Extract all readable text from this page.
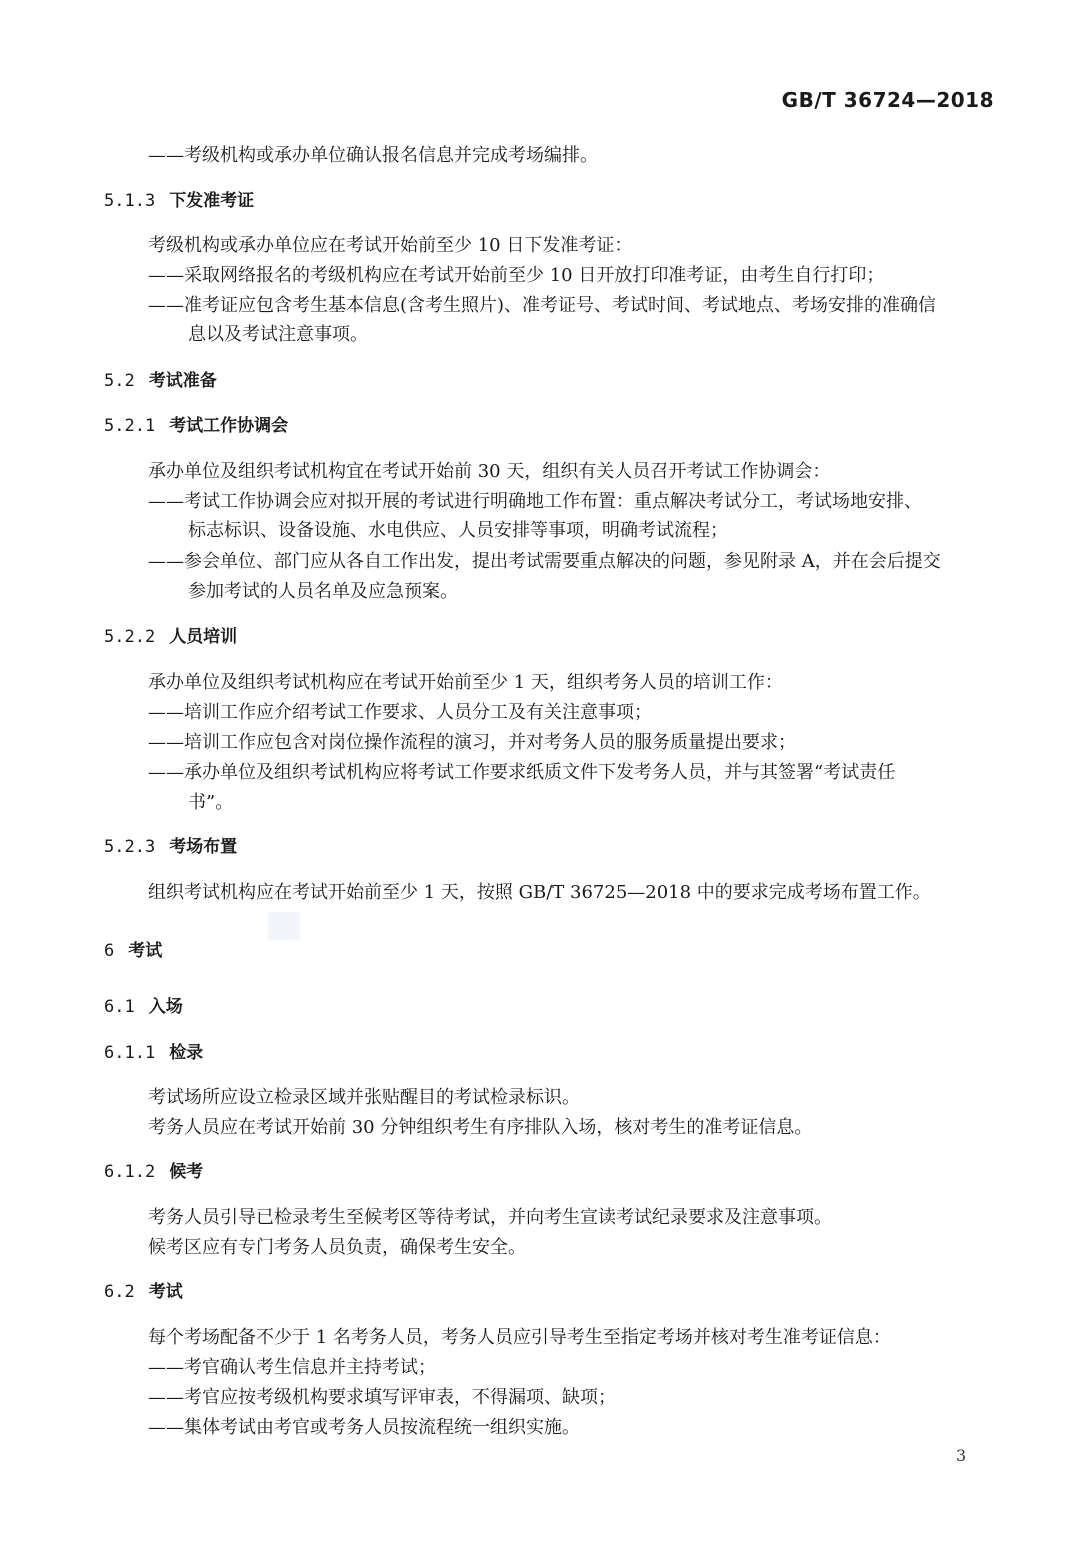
GB/T 36724—2018
——考级机构或承办单位确认报名信息并完成考场编排。
5.1.3 下发准考证
考级机构或承办单位应在考试开始前至少 10 日下发准考证：
——采取网络报名的考级机构应在考试开始前至少 10 日开放打印准考证，由考生自行打印；
——准考证应包含考生基本信息(含考生照片)、准考证号、考试时间、考试地点、考场安排的准确信
息以及考试注意事项。
5.2 考试准备
5.2.1 考试工作协调会
承办单位及组织考试机构宜在考试开始前 30 天，组织有关人员召开考试工作协调会：
——考试工作协调会应对拟开展的考试进行明确地工作布置：重点解决考试分工，考试场地安排、
标志标识、设备设施、水电供应、人员安排等事项，明确考试流程；
——参会单位、部门应从各自工作出发，提出考试需要重点解决的问题，参见附录 A，并在会后提交
参加考试的人员名单及应急预案。
5.2.2 人员培训
承办单位及组织考试机构应在考试开始前至少 1 天，组织考务人员的培训工作：
——培训工作应介绍考试工作要求、人员分工及有关注意事项；
——培训工作应包含对岗位操作流程的演习，并对考务人员的服务质量提出要求；
——承办单位及组织考试机构应将考试工作要求纸质文件下发考务人员，并与其签署“考试责任
书”。
5.2.3 考场布置
组织考试机构应在考试开始前至少 1 天，按照 GB/T 36725—2018 中的要求完成考场布置工作。
6 考试
6.1 入场
6.1.1 检录
考试场所应设立检录区域并张贴醒目的考试检录标识。
考务人员应在考试开始前 30 分钟组织考生有序排队入场，核对考生的准考证信息。
6.1.2 候考
考务人员引导已检录考生至候考区等待考试，并向考生宣读考试纪录要求及注意事项。
候考区应有专门考务人员负责，确保考生安全。
6.2 考试
每个考场配备不少于 1 名考务人员，考务人员应引导考生至指定考场并核对考生准考证信息：
——考官确认考生信息并主持考试；
——考官应按考级机构要求填写评审表，不得漏项、缺项；
——集体考试由考官或考务人员按流程统一组织实施。
3
